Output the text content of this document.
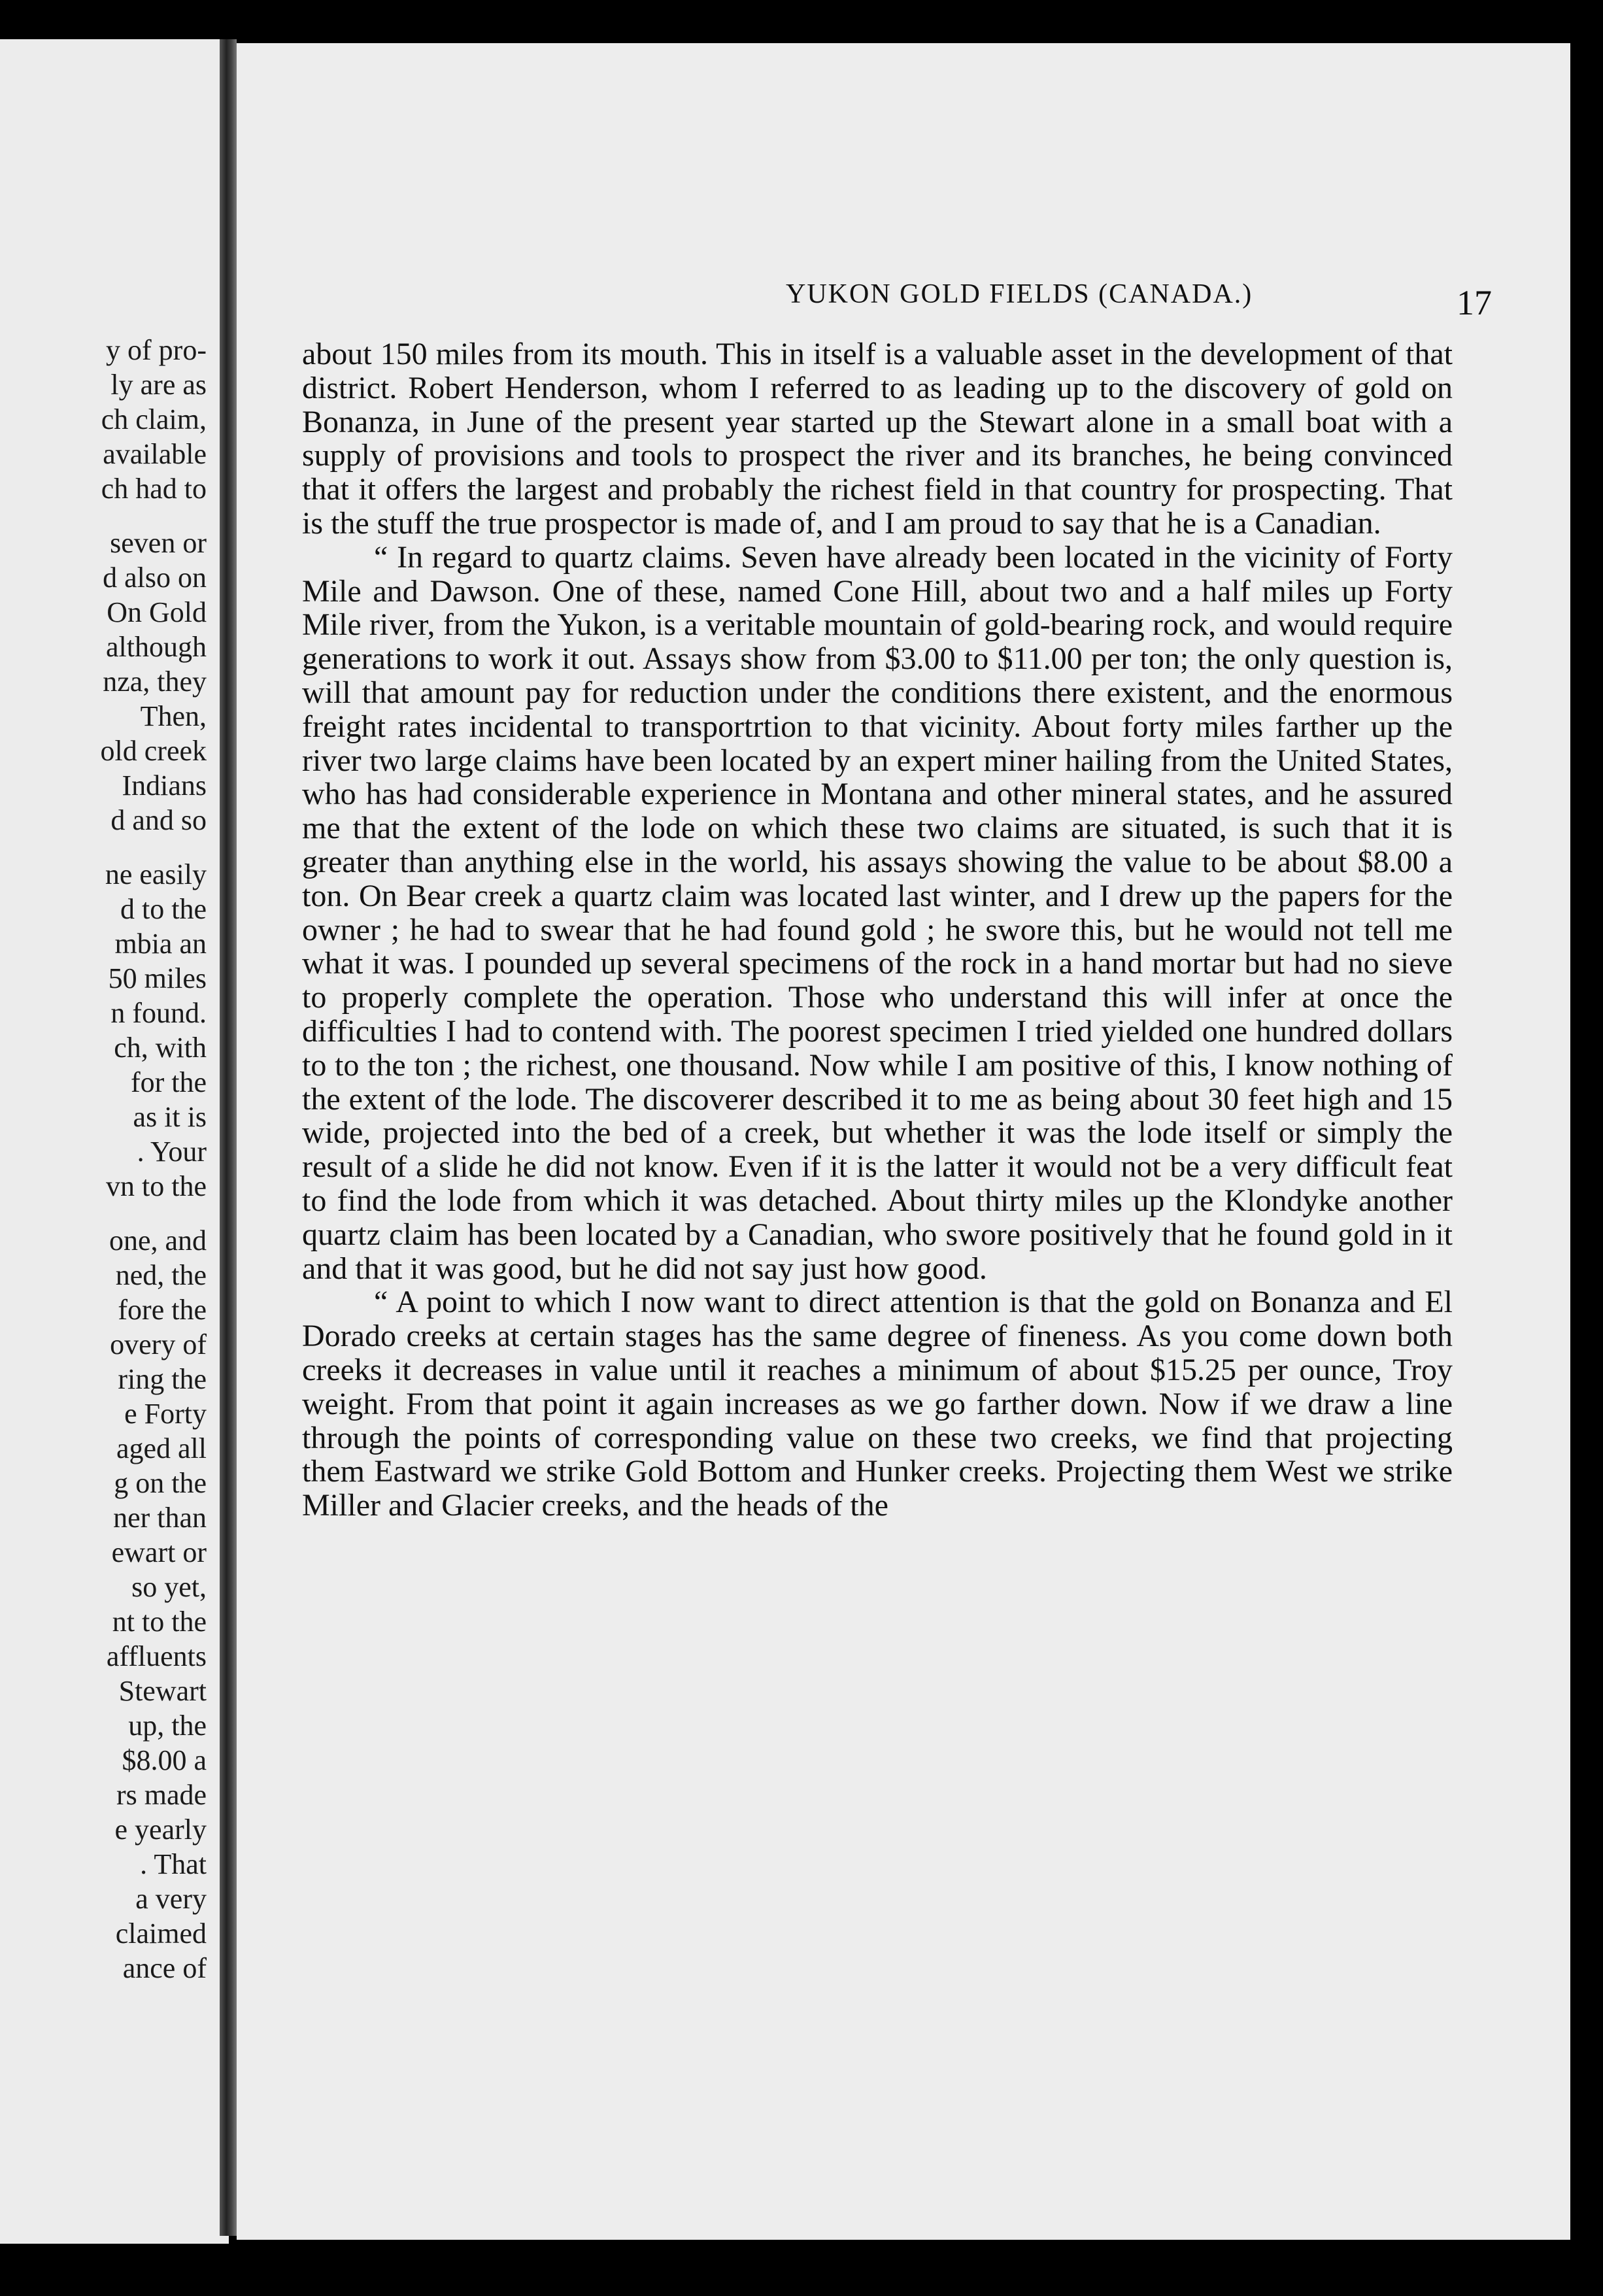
y of pro-
ly are as
ch claim,
available
ch had to
seven or
d also on
On Gold
although
nza, they
Then,
old creek
Indians
d and so
ne easily
d to the
mbia an
50 miles
n found.
ch, with
for the
as it is
. Your
vn to the
one, and
ned, the
fore the
overy of
ring the
e Forty
aged all
g on the
ner than
ewart or
so yet,
nt to the
affluents
Stewart
up, the
$8.00 a
rs made
e yearly
. That
a very
claimed
ance of
YUKON GOLD FIELDS (CANADA.)	17

about 150 miles from its mouth. This in itself is a valuable asset in the development of that district. Robert Henderson, whom I referred to as leading up to the discovery of gold on Bonanza, in June of the present year started up the Stewart alone in a small boat with a supply of provisions and tools to prospect the river and its branches, he being convinced that it offers the largest and probably the richest field in that country for prospecting. That is the stuff the true prospector is made of, and I am proud to say that he is a Canadian.

“ In regard to quartz claims. Seven have already been located in the vicinity of Forty Mile and Dawson. One of these, named Cone Hill, about two and a half miles up Forty Mile river, from the Yukon, is a veritable mountain of gold-bearing rock, and would require generations to work it out. Assays show from $3.00 to $11.00 per ton; the only question is, will that amount pay for reduction under the conditions there existent, and the enormous freight rates incidental to transportrtion to that vicinity. About forty miles farther up the river two large claims have been located by an expert miner hailing from the United States, who has had considerable experience in Montana and other mineral states, and he assured me that the extent of the lode on which these two claims are situated, is such that it is greater than anything else in the world, his assays showing the value to be about $8.00 a ton. On Bear creek a quartz claim was located last winter, and I drew up the papers for the owner ; he had to swear that he had found gold ; he swore this, but he would not tell me what it was. I pounded up several specimens of the rock in a hand mortar but had no sieve to properly complete the operation. Those who understand this will infer at once the difficulties I had to contend with. The poorest specimen I tried yielded one hundred dollars to to the ton ; the richest, one thousand. Now while I am positive of this, I know nothing of the extent of the lode. The discoverer described it to me as being about 30 feet high and 15 wide, projected into the bed of a creek, but whether it was the lode itself or simply the result of a slide he did not know. Even if it is the latter it would not be a very difficult feat to find the lode from which it was detached. About thirty miles up the Klondyke another quartz claim has been located by a Canadian, who swore positively that he found gold in it and that it was good, but he did not say just how good.

“ A point to which I now want to direct attention is that the gold on Bonanza and El Dorado creeks at certain stages has the same degree of fineness. As you come down both creeks it decreases in value until it reaches a minimum of about $15.25 per ounce, Troy weight. From that point it again increases as we go farther down. Now if we draw a line through the points of corresponding value on these two creeks, we find that projecting them Eastward we strike Gold Bottom and Hunker creeks. Projecting them West we strike Miller and Glacier creeks, and the heads of the
